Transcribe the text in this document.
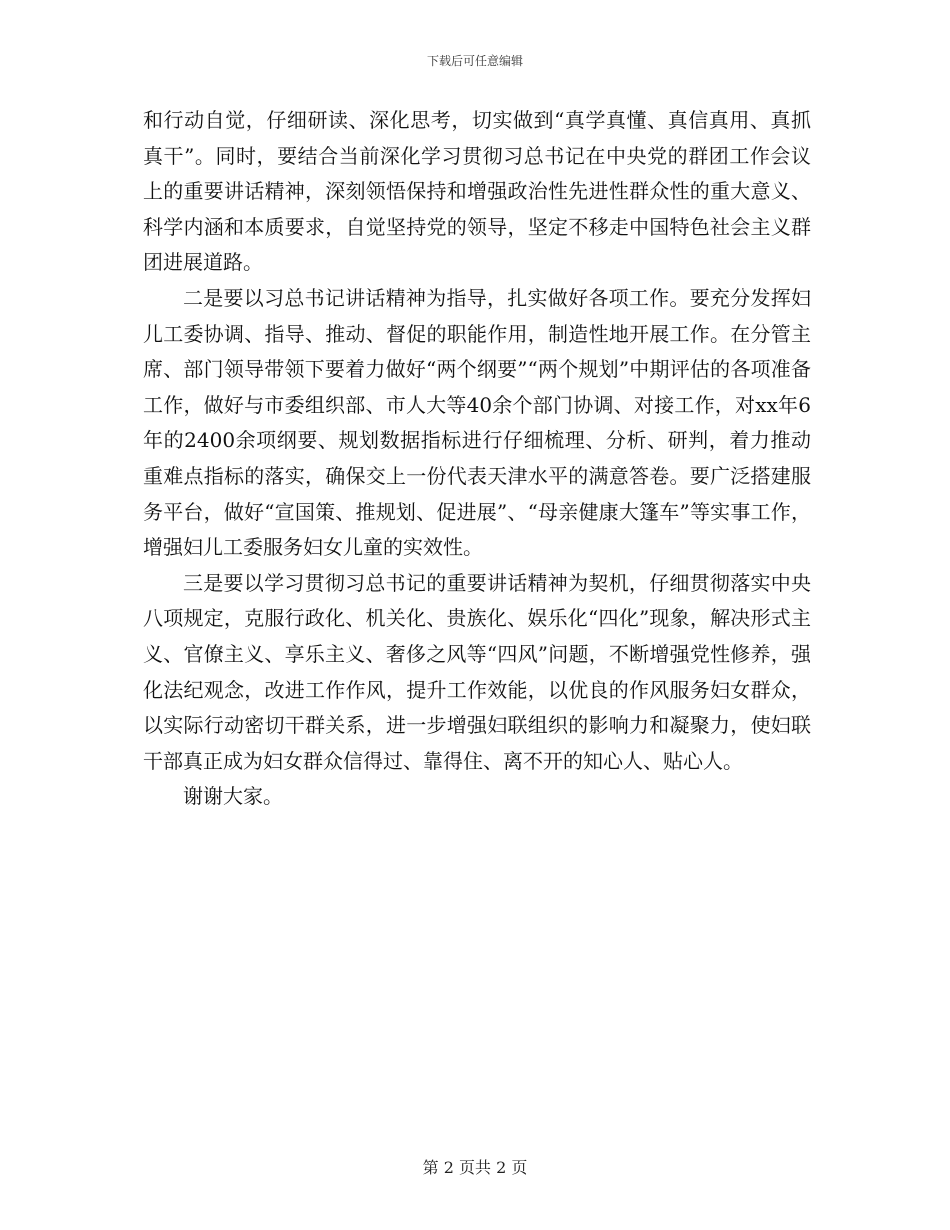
下载后可任意编辑

和行动自觉，仔细研读、深化思考，切实做到“真学真懂、真信真用、真抓真干”。同时，要结合当前深化学习贯彻习总书记在中央党的群团工作会议上的重要讲话精神，深刻领悟保持和增强政治性先进性群众性的重大意义、科学内涵和本质要求，自觉坚持党的领导，坚定不移走中国特色社会主义群团进展道路。

二是要以习总书记讲话精神为指导，扎实做好各项工作。要充分发挥妇儿工委协调、指导、推动、督促的职能作用，制造性地开展工作。在分管主席、部门领导带领下要着力做好“两个纲要”“两个规划”中期评估的各项准备工作，做好与市委组织部、市人大等40余个部门协调、对接工作，对xx年6年的2400余项纲要、规划数据指标进行仔细梳理、分析、研判，着力推动重难点指标的落实，确保交上一份代表天津水平的满意答卷。要广泛搭建服务平台，做好“宣国策、推规划、促进展”、“母亲健康大篷车”等实事工作，增强妇儿工委服务妇女儿童的实效性。

三是要以学习贯彻习总书记的重要讲话精神为契机，仔细贯彻落实中央八项规定，克服行政化、机关化、贵族化、娱乐化“四化”现象，解决形式主义、官僚主义、享乐主义、奢侈之风等“四风”问题，不断增强党性修养，强化法纪观念，改进工作作风，提升工作效能，以优良的作风服务妇女群众，以实际行动密切干群关系，进一步增强妇联组织的影响力和凝聚力，使妇联干部真正成为妇女群众信得过、靠得住、离不开的知心人、贴心人。

谢谢大家。

第 2 页共 2 页
